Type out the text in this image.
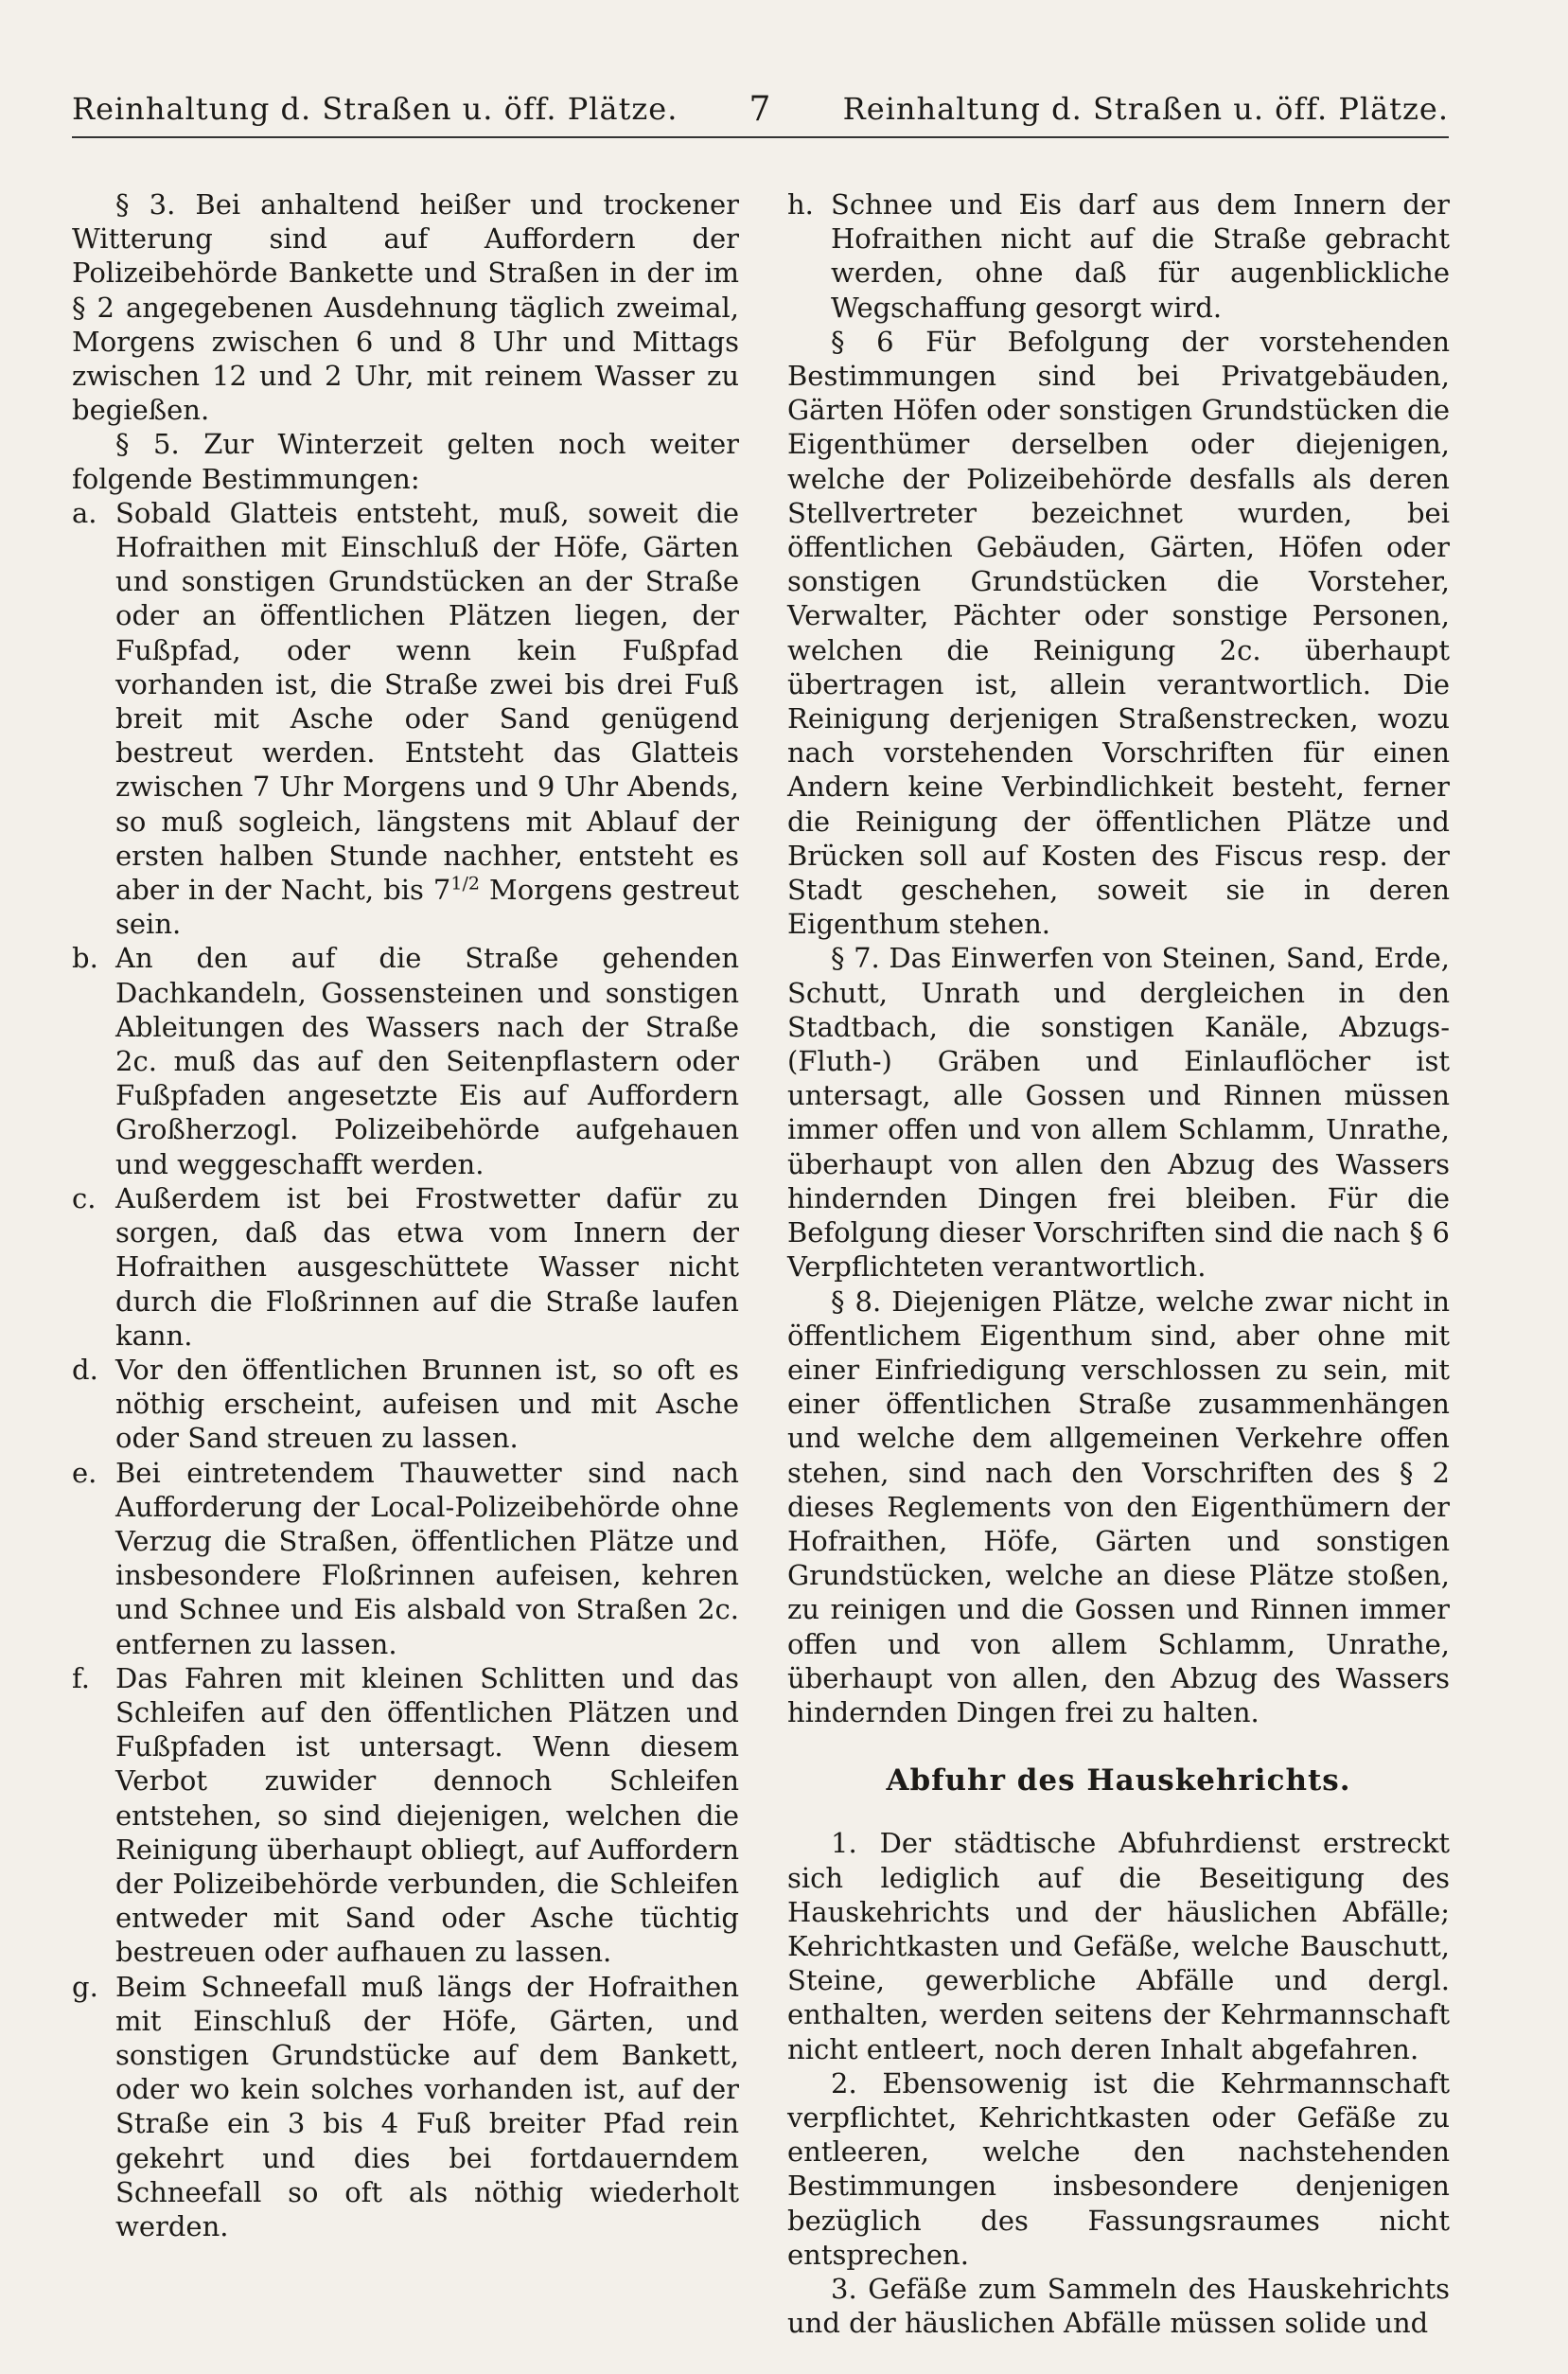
Reinhaltung d. Straßen u. öff. Plätze. 7 Reinhaltung d. Straßen u. öff. Plätze.

§ 3. Bei anhaltend heißer und trockener Witterung sind auf Auffordern der Polizeibehörde Bankette und Straßen in der im § 2 angegebenen Ausdehnung täglich zweimal, Morgens zwischen 6 und 8 Uhr und Mittags zwischen 12 und 2 Uhr, mit reinem Wasser zu begießen.

§ 5. Zur Winterzeit gelten noch weiter folgende Bestimmungen:

a. Sobald Glatteis entsteht, muß, soweit die Hofraithen mit Einschluß der Höfe, Gärten und sonstigen Grundstücken an der Straße oder an öffentlichen Plätzen liegen, der Fußpfad, oder wenn kein Fußpfad vorhanden ist, die Straße zwei bis drei Fuß breit mit Asche oder Sand genügend bestreut werden. Entsteht das Glatteis zwischen 7 Uhr Morgens und 9 Uhr Abends, so muß sogleich, längstens mit Ablauf der ersten halben Stunde nachher, entsteht es aber in der Nacht, bis $7^{1/2}$ Morgens gestreut sein.
b. An den auf die Straße gehenden Dachkandeln, Gossensteinen und sonstigen Ableitungen des Wassers nach der Straße 2c. muß das auf den Seitenpflastern oder Fußpfaden angesetzte Eis auf Auffordern Großherzogl. Polizeibehörde aufgehauen und weggeschafft werden.
c. Außerdem ist bei Frostwetter dafür zu sorgen, daß das etwa vom Innern der Hofraithen ausgeschüttete Wasser nicht durch die Floßrinnen auf die Straße laufen kann.
d. Vor den öffentlichen Brunnen ist, so oft es nöthig erscheint, aufeisen und mit Asche oder Sand streuen zu lassen.
e. Bei eintretendem Thauwetter sind nach Aufforderung der Local-Polizeibehörde ohne Verzug die Straßen, öffentlichen Plätze und insbesondere Floßrinnen aufeisen, kehren und Schnee und Eis alsbald von Straßen 2c. entfernen zu lassen.
f. Das Fahren mit kleinen Schlitten und das Schleifen auf den öffentlichen Plätzen und Fußpfaden ist untersagt. Wenn diesem Verbot zuwider dennoch Schleifen entstehen, so sind diejenigen, welchen die Reinigung überhaupt obliegt, auf Auffordern der Polizeibehörde verbunden, die Schleifen entweder mit Sand oder Asche tüchtig bestreuen oder aufhauen zu lassen.
g. Beim Schneefall muß längs der Hofraithen mit Einschluß der Höfe, Gärten, und sonstigen Grundstücke auf dem Bankett, oder wo kein solches vorhanden ist, auf der Straße ein 3 bis 4 Fuß breiter Pfad rein gekehrt und dies bei fortdauerndem Schneefall so oft als nöthig wiederholt werden.
h. Schnee und Eis darf aus dem Innern der Hofraithen nicht auf die Straße gebracht werden, ohne daß für augenblickliche Wegschaffung gesorgt wird.

§ 6 Für Befolgung der vorstehenden Bestimmungen sind bei Privatgebäuden, Gärten Höfen oder sonstigen Grundstücken die Eigenthümer derselben oder diejenigen, welche der Polizeibehörde desfalls als deren Stellvertreter bezeichnet wurden, bei öffentlichen Gebäuden, Gärten, Höfen oder sonstigen Grundstücken die Vorsteher, Verwalter, Pächter oder sonstige Personen, welchen die Reinigung 2c. überhaupt übertragen ist, allein verantwortlich. Die Reinigung derjenigen Straßenstrecken, wozu nach vorstehenden Vorschriften für einen Andern keine Verbindlichkeit besteht, ferner die Reinigung der öffentlichen Plätze und Brücken soll auf Kosten des Fiscus resp. der Stadt geschehen, soweit sie in deren Eigenthum stehen.

§ 7. Das Einwerfen von Steinen, Sand, Erde, Schutt, Unrath und dergleichen in den Stadtbach, die sonstigen Kanäle, Abzugs-(Fluth-) Gräben und Einlauflöcher ist untersagt, alle Gossen und Rinnen müssen immer offen und von allem Schlamm, Unrathe, überhaupt von allen den Abzug des Wassers hindernden Dingen frei bleiben. Für die Befolgung dieser Vorschriften sind die nach § 6 Verpflichteten verantwortlich.

§ 8. Diejenigen Plätze, welche zwar nicht in öffentlichem Eigenthum sind, aber ohne mit einer Einfriedigung verschlossen zu sein, mit einer öffentlichen Straße zusammenhängen und welche dem allgemeinen Verkehre offen stehen, sind nach den Vorschriften des § 2 dieses Reglements von den Eigenthümern der Hofraithen, Höfe, Gärten und sonstigen Grundstücken, welche an diese Plätze stoßen, zu reinigen und die Gossen und Rinnen immer offen und von allem Schlamm, Unrathe, überhaupt von allen, den Abzug des Wassers hindernden Dingen frei zu halten.

Abfuhr des Hauskehrichts.

1. Der städtische Abfuhrdienst erstreckt sich lediglich auf die Beseitigung des Hauskehrichts und der häuslichen Abfälle; Kehrichtkasten und Gefäße, welche Bauschutt, Steine, gewerbliche Abfälle und dergl. enthalten, werden seitens der Kehrmannschaft nicht entleert, noch deren Inhalt abgefahren.

2. Ebensowenig ist die Kehrmannschaft verpflichtet, Kehrichtkasten oder Gefäße zu entleeren, welche den nachstehenden Bestimmungen insbesondere denjenigen bezüglich des Fassungsraumes nicht entsprechen.

3. Gefäße zum Sammeln des Hauskehrichts und der häuslichen Abfälle müssen solide und
